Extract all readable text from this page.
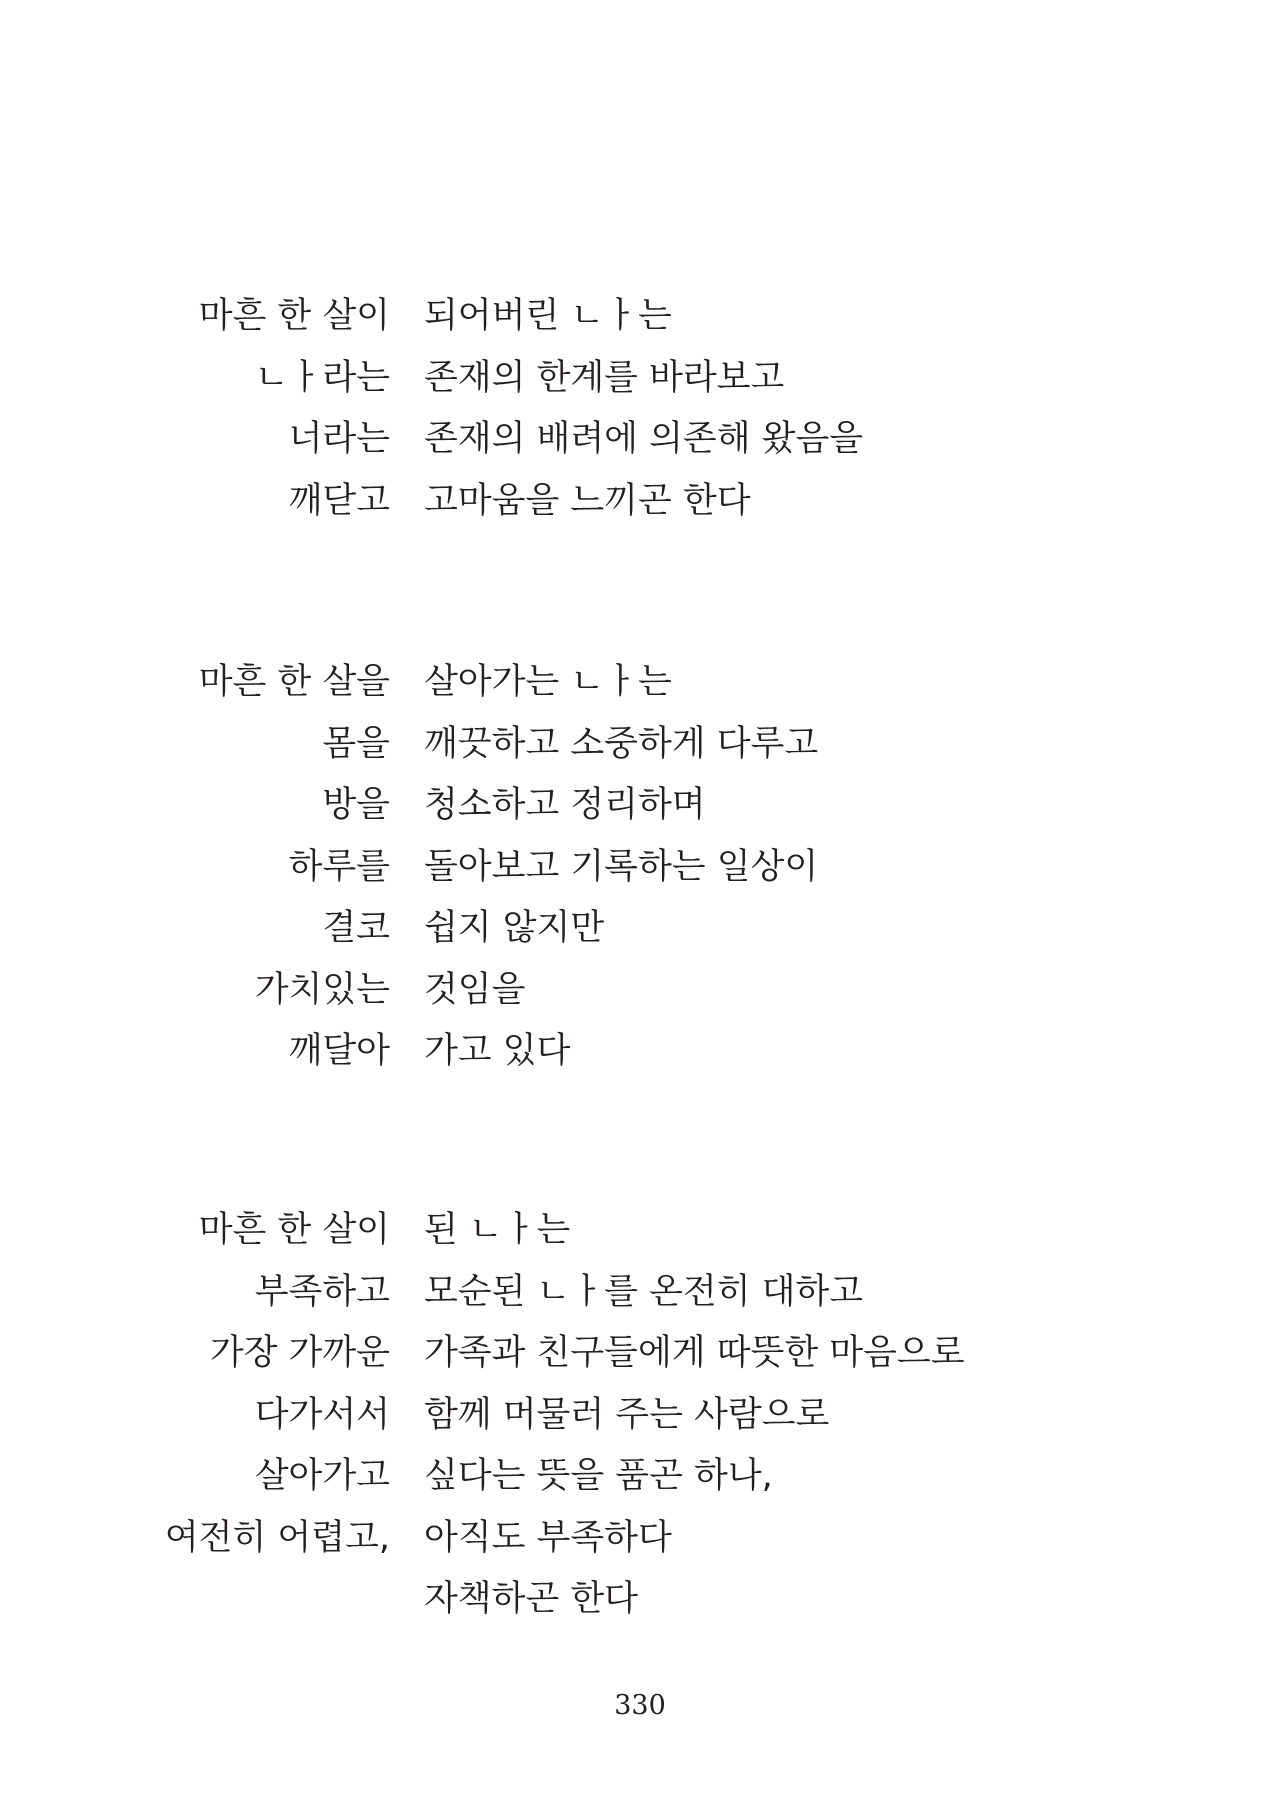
마흔 한 살이 되어버린 ㄴㅏ는
ㄴㅏ라는 존재의 한계를 바라보고
너라는 존재의 배려에 의존해 왔음을
깨닫고 고마움을 느끼곤 한다
마흔 한 살을 살아가는 ㄴㅏ는
몸을 깨끗하고 소중하게 다루고
방을 청소하고 정리하며
하루를 돌아보고 기록하는 일상이
결코 쉽지 않지만
가치있는 것임을
깨달아 가고 있다
마흔 한 살이 된 ㄴㅏ는
부족하고 모순된 ㄴㅏ를 온전히 대하고
가장 가까운 가족과 친구들에게 따뜻한 마음으로
다가서서 함께 머물러 주는 사람으로
살아가고 싶다는 뜻을 품곤 하나,
여전히 어렵고, 아직도 부족하다
자책하곤 한다
330
